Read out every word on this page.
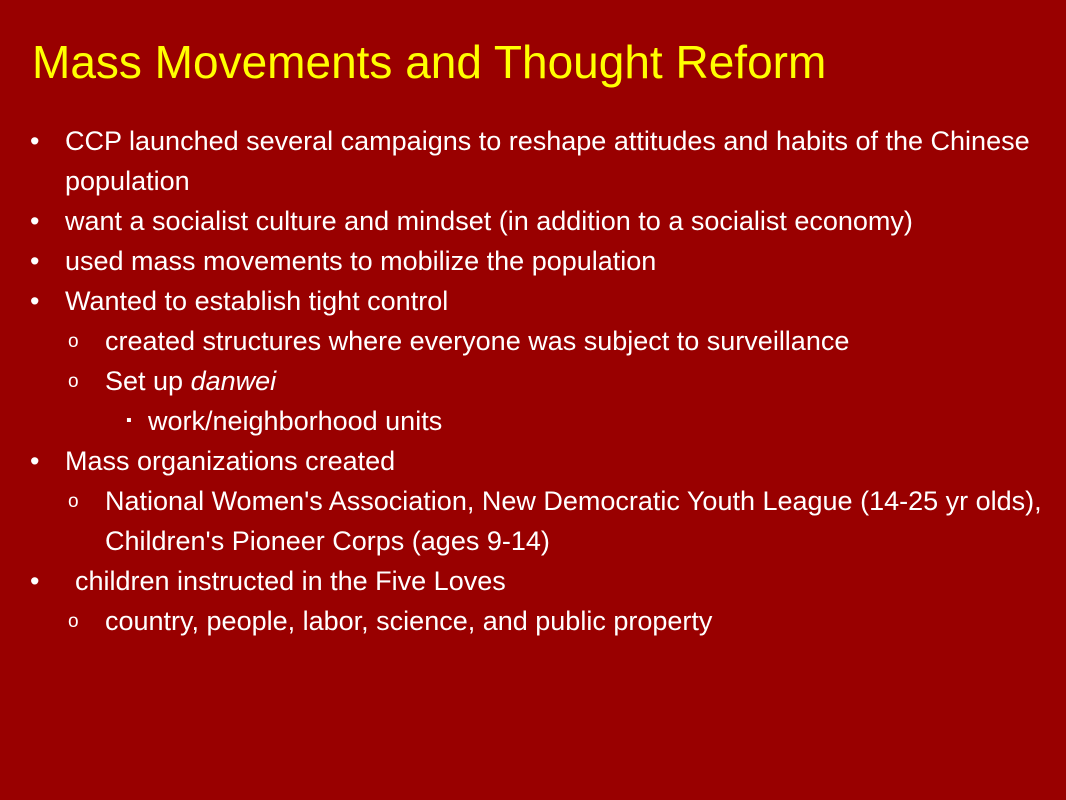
Mass Movements and Thought Reform
• CCP launched several campaigns to reshape attitudes and habits of the Chinese population
• want a socialist culture and mindset (in addition to a socialist economy)
• used mass movements to mobilize the population
• Wanted to establish tight control
o created structures where everyone was subject to surveillance
o Set up danwei
▪ work/neighborhood units
• Mass organizations created
o National Women's Association, New Democratic Youth League (14-25 yr olds), Children's Pioneer Corps (ages 9-14)
•	children instructed in the Five Loves
o country, people, labor, science, and public property
